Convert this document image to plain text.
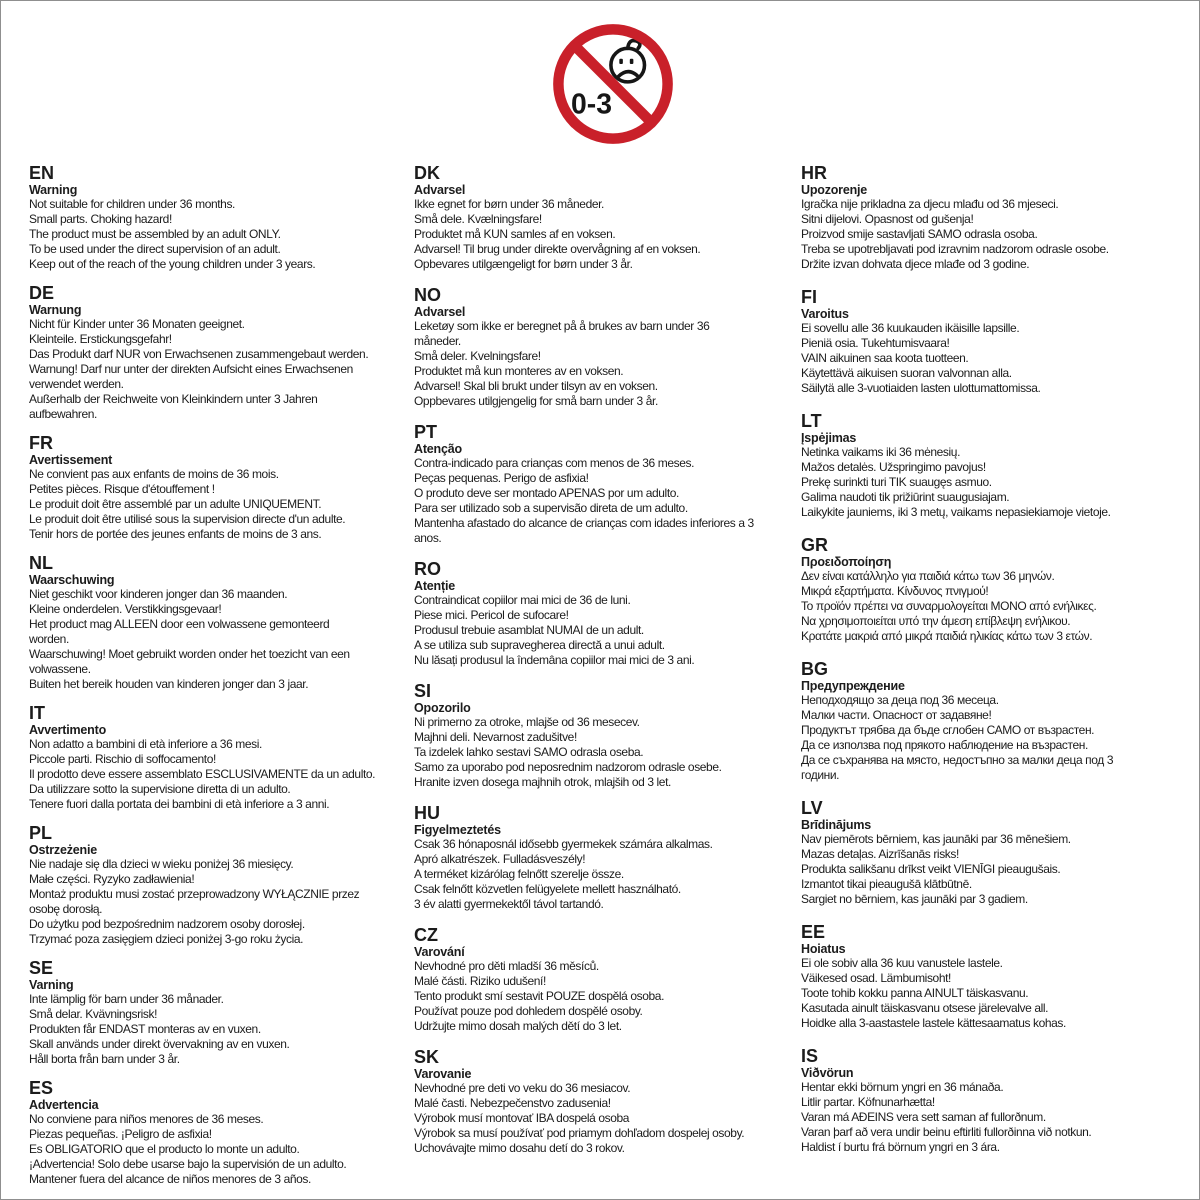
0-3
EN
Warning

Not suitable for children under 36 months.

Small parts. Choking hazard!

The product must be assembled by an adult ONLY.

To be used under the direct supervision of an adult.

Keep out of the reach of the young children under 3 years.

DE
Warnung

Nicht für Kinder unter 36 Monaten geeignet.

Kleinteile. Erstickungsgefahr!

Das Produkt darf NUR von Erwachsenen zusammengebaut werden.

Warnung! Darf nur unter der direkten Aufsicht eines Erwachsenen

verwendet werden.

Außerhalb der Reichweite von Kleinkindern unter 3 Jahren

aufbewahren.

FR
Avertissement

Ne convient pas aux enfants de moins de 36 mois.

Petites pièces. Risque d'étouffement !

Le produit doit être assemblé par un adulte UNIQUEMENT.

Le produit doit être utilisé sous la supervision directe d'un adulte.

Tenir hors de portée des jeunes enfants de moins de 3 ans.

NL
Waarschuwing

Niet geschikt voor kinderen jonger dan 36 maanden.

Kleine onderdelen. Verstikkingsgevaar!

Het product mag ALLEEN door een volwassene gemonteerd

worden.

Waarschuwing! Moet gebruikt worden onder het toezicht van een

volwassene.

Buiten het bereik houden van kinderen jonger dan 3 jaar.

IT
Avvertimento

Non adatto a bambini di età inferiore a 36 mesi.

Piccole parti. Rischio di soffocamento!

Il prodotto deve essere assemblato ESCLUSIVAMENTE da un adulto.

Da utilizzare sotto la supervisione diretta di un adulto.

Tenere fuori dalla portata dei bambini di età inferiore a 3 anni.

PL
Ostrzeżenie

Nie nadaje się dla dzieci w wieku poniżej 36 miesięcy.

Małe części. Ryzyko zadławienia!

Montaż produktu musi zostać przeprowadzony WYŁĄCZNIE przez

osobę dorosłą.

Do użytku pod bezpośrednim nadzorem osoby dorosłej.

Trzymać poza zasięgiem dzieci poniżej 3-go roku życia.

SE
Varning

Inte lämplig för barn under 36 månader.

Små delar. Kvävningsrisk!

Produkten får ENDAST monteras av en vuxen.

Skall används under direkt övervakning av en vuxen.

Håll borta från barn under 3 år.

ES
Advertencia

No conviene para niños menores de 36 meses.

Piezas pequeñas. ¡Peligro de asfixia!

Es OBLIGATORIO que el producto lo monte un adulto.

¡Advertencia! Solo debe usarse bajo la supervisión de un adulto.

Mantener fuera del alcance de niños menores de 3 años.

DK
Advarsel

Ikke egnet for børn under 36 måneder.

Små dele. Kvælningsfare!

Produktet må KUN samles af en voksen.

Advarsel! Til brug under direkte overvågning af en voksen.

Opbevares utilgængeligt for børn under 3 år.

NO
Advarsel

Leketøy som ikke er beregnet på å brukes av barn under 36

måneder.

Små deler. Kvelningsfare!

Produktet må kun monteres av en voksen.

Advarsel! Skal bli brukt under tilsyn av en voksen.

Oppbevares utilgjengelig for små barn under 3 år.

PT
Atenção

Contra-indicado para crianças com menos de 36 meses.

Peças pequenas. Perigo de asfixia!

O produto deve ser montado APENAS por um adulto.

Para ser utilizado sob a supervisão direta de um adulto.

Mantenha afastado do alcance de crianças com idades inferiores a 3

anos.

RO
Atenție

Contraindicat copiilor mai mici de 36 de luni.

Piese mici. Pericol de sufocare!

Produsul trebuie asamblat NUMAI de un adult.

A se utiliza sub supravegherea directă a unui adult.

Nu lăsați produsul la îndemâna copiilor mai mici de 3 ani.

SI
Opozorilo

Ni primerno za otroke, mlajše od 36 mesecev.

Majhni deli. Nevarnost zadušitve!

Ta izdelek lahko sestavi SAMO odrasla oseba.

Samo za uporabo pod neposrednim nadzorom odrasle osebe.

Hranite izven dosega majhnih otrok, mlajših od 3 let.

HU
Figyelmeztetés

Csak 36 hónaposnál idősebb gyermekek számára alkalmas.

Apró alkatrészek. Fulladásveszély!

A terméket kizárólag felnőtt szerelje össze.

Csak felnőtt közvetlen felügyelete mellett használható.

3 év alatti gyermekektől távol tartandó.

CZ
Varování

Nevhodné pro děti mladší 36 měsíců.

Malé části. Riziko udušení!

Tento produkt smí sestavit POUZE dospělá osoba.

Používat pouze pod dohledem dospělé osoby.

Udržujte mimo dosah malých dětí do 3 let.

SK
Varovanie

Nevhodné pre deti vo veku do 36 mesiacov.

Malé časti. Nebezpečenstvo zadusenia!

Výrobok musí montovať IBA dospelá osoba

Výrobok sa musí používať pod priamym dohľadom dospelej osoby.

Uchovávajte mimo dosahu detí do 3 rokov.

HR
Upozorenje

Igračka nije prikladna za djecu mlađu od 36 mjeseci.

Sitni dijelovi. Opasnost od gušenja!

Proizvod smije sastavljati SAMO odrasla osoba.

Treba se upotrebljavati pod izravnim nadzorom odrasle osobe.

Držite izvan dohvata djece mlađe od 3 godine.

FI
Varoitus

Ei sovellu alle 36 kuukauden ikäisille lapsille.

Pieniä osia. Tukehtumisvaara!

VAIN aikuinen saa koota tuotteen.

Käytettävä aikuisen suoran valvonnan alla.

Säilytä alle 3-vuotiaiden lasten ulottumattomissa.

LT
Įspėjimas

Netinka vaikams iki 36 mėnesių.

Mažos detalės. Užspringimo pavojus!

Prekę surinkti turi TIK suaugęs asmuo.

Galima naudoti tik prižiūrint suaugusiajam.

Laikykite jauniems, iki 3 metų, vaikams nepasiekiamoje vietoje.

GR
Προειδοποίηση

Δεν είναι κατάλληλο για παιδιά κάτω των 36 μηνών.

Μικρά εξαρτήματα. Κίνδυνος πνιγμού!

Το προϊόν πρέπει να συναρμολογείται ΜΟΝΟ από ενήλικες.

Να χρησιμοποιείται υπό την άμεση επίβλεψη ενήλικου.

Κρατάτε μακριά από μικρά παιδιά ηλικίας κάτω των 3 ετών.

BG
Предупреждение

Неподходящо за деца под 36 месеца.

Малки части. Опасност от задавяне!

Продуктът трябва да бъде сглобен САМО от възрастен.

Да се използва под прякото наблюдение на възрастен.

Да се съхранява на място, недостъпно за малки деца под 3

години.

LV
Brīdinājums

Nav piemērots bērniem, kas jaunāki par 36 mēnešiem.

Mazas detaļas. Aizrīšanās risks!

Produkta salikšanu drīkst veikt VIENĪGI pieaugušais.

Izmantot tikai pieaugušā klātbūtnē.

Sargiet no bērniem, kas jaunāki par 3 gadiem.

EE
Hoiatus

Ei ole sobiv alla 36 kuu vanustele lastele.

Väikesed osad. Lämbumisoht!

Toote tohib kokku panna AINULT täiskasvanu.

Kasutada ainult täiskasvanu otsese järelevalve all.

Hoidke alla 3-aastastele lastele kättesaamatus kohas.

IS
Viðvörun

Hentar ekki börnum yngri en 36 mánaða.

Litlir partar. Köfnunarhætta!

Varan má AÐEINS vera sett saman af fullorðnum.

Varan þarf að vera undir beinu eftirliti fullorðinna við notkun.

Haldist í burtu frá börnum yngri en 3 ára.
